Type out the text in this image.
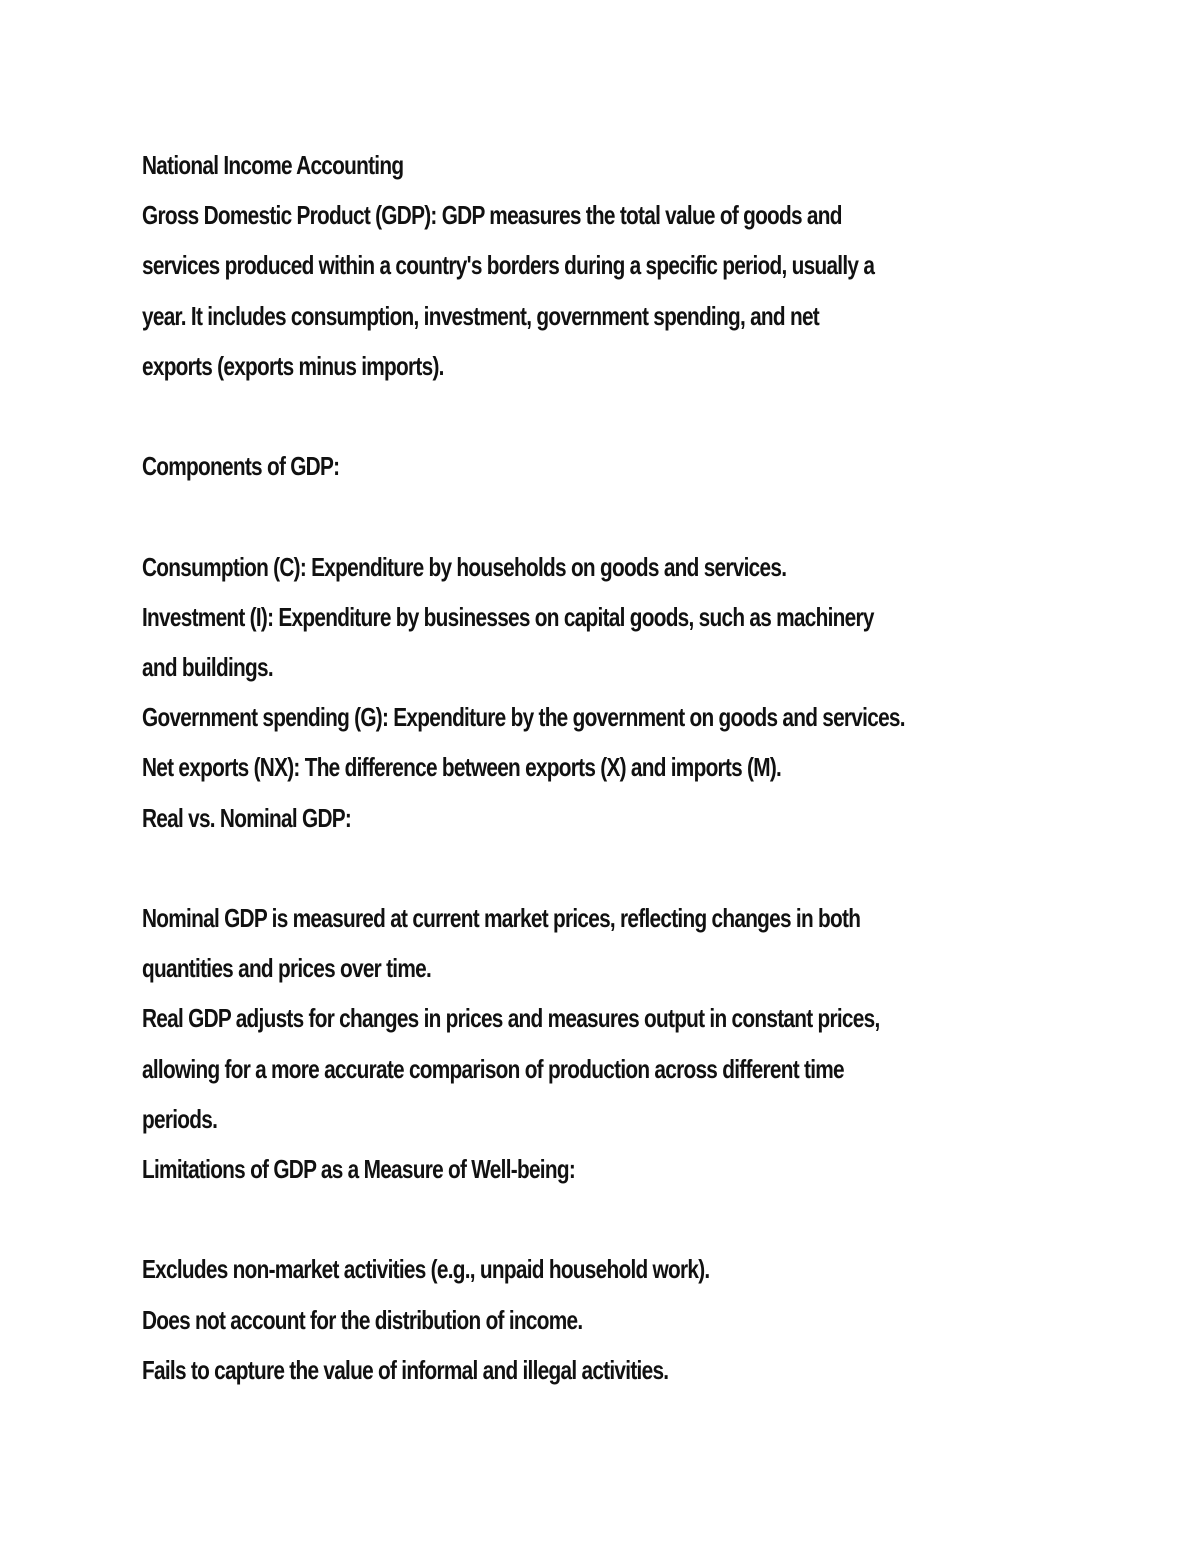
National Income Accounting
Gross Domestic Product (GDP): GDP measures the total value of goods and
services produced within a country's borders during a specific period, usually a
year. It includes consumption, investment, government spending, and net
exports (exports minus imports).
Components of GDP:
Consumption (C): Expenditure by households on goods and services.
Investment (I): Expenditure by businesses on capital goods, such as machinery
and buildings.
Government spending (G): Expenditure by the government on goods and services.
Net exports (NX): The difference between exports (X) and imports (M).
Real vs. Nominal GDP:
Nominal GDP is measured at current market prices, reflecting changes in both
quantities and prices over time.
Real GDP adjusts for changes in prices and measures output in constant prices,
allowing for a more accurate comparison of production across different time
periods.
Limitations of GDP as a Measure of Well-being:
Excludes non-market activities (e.g., unpaid household work).
Does not account for the distribution of income.
Fails to capture the value of informal and illegal activities.
